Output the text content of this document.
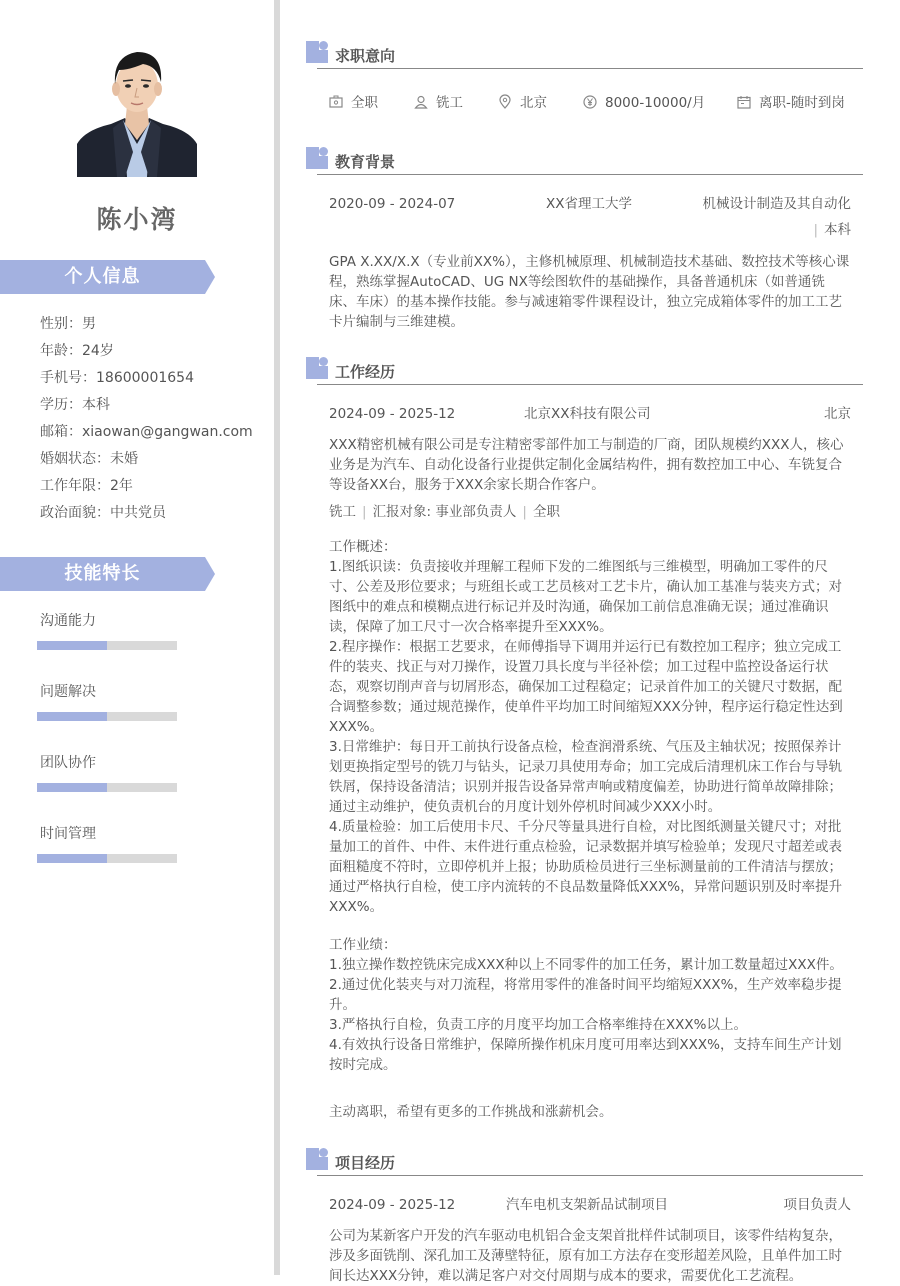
陈小湾
个人信息
性别：男
年龄：24岁
手机号：18600001654
学历：本科
邮箱：xiaowan@gangwan.com
婚姻状态：未婚
工作年限：2年
政治面貌：中共党员
技能特长
沟通能力
问题解决
团队协作
时间管理
求职意向
全职	铣工	北京	8000-10000/月	离职-随时到岗
教育背景
2020-09 - 2024-07	XX省理工大学	机械设计制造及其自动化
| 本科
GPA X.XX/X.X（专业前XX%），主修机械原理、机械制造技术基础、数控技术等核心课程，熟练掌握AutoCAD、UG NX等绘图软件的基础操作，具备普通机床（如普通铣床、车床）的基本操作技能。参与减速箱零件课程设计，独立完成箱体零件的加工工艺卡片编制与三维建模。
工作经历
2024-09 - 2025-12	北京XX科技有限公司	北京
XXX精密机械有限公司是专注精密零部件加工与制造的厂商，团队规模约XXX人，核心业务是为汽车、自动化设备行业提供定制化金属结构件，拥有数控加工中心、车铣复合等设备XX台，服务于XXX余家长期合作客户。
铣工 | 汇报对象: 事业部负责人 | 全职
工作概述：
1.图纸识读：负责接收并理解工程师下发的二维图纸与三维模型，明确加工零件的尺寸、公差及形位要求；与班组长或工艺员核对工艺卡片，确认加工基准与装夹方式；对图纸中的难点和模糊点进行标记并及时沟通，确保加工前信息准确无误；通过准确识读，保障了加工尺寸一次合格率提升至XXX%。
2.程序操作：根据工艺要求，在师傅指导下调用并运行已有数控加工程序；独立完成工件的装夹、找正与对刀操作，设置刀具长度与半径补偿；加工过程中监控设备运行状态，观察切削声音与切屑形态，确保加工过程稳定；记录首件加工的关键尺寸数据，配合调整参数；通过规范操作，使单件平均加工时间缩短XXX分钟，程序运行稳定性达到XXX%。
3.日常维护：每日开工前执行设备点检，检查润滑系统、气压及主轴状况；按照保养计划更换指定型号的铣刀与钻头，记录刀具使用寿命；加工完成后清理机床工作台与导轨铁屑，保持设备清洁；识别并报告设备异常声响或精度偏差，协助进行简单故障排除；通过主动维护，使负责机台的月度计划外停机时间减少XXX小时。
4.质量检验：加工后使用卡尺、千分尺等量具进行自检，对比图纸测量关键尺寸；对批量加工的首件、中件、末件进行重点检验，记录数据并填写检验单；发现尺寸超差或表面粗糙度不符时，立即停机并上报；协助质检员进行三坐标测量前的工件清洁与摆放；通过严格执行自检，使工序内流转的不良品数量降低XXX%，异常问题识别及时率提升XXX%。
工作业绩：
1.独立操作数控铣床完成XXX种以上不同零件的加工任务，累计加工数量超过XXX件。
2.通过优化装夹与对刀流程，将常用零件的准备时间平均缩短XXX%，生产效率稳步提升。
3.严格执行自检，负责工序的月度平均加工合格率维持在XXX%以上。
4.有效执行设备日常维护，保障所操作机床月度可用率达到XXX%，支持车间生产计划按时完成。
主动离职，希望有更多的工作挑战和涨薪机会。
项目经历
2024-09 - 2025-12	汽车电机支架新品试制项目	项目负责人
公司为某新客户开发的汽车驱动电机铝合金支架首批样件试制项目，该零件结构复杂，涉及多面铣削、深孔加工及薄壁特征，原有加工方法存在变形超差风险，且单件加工时间长达XXX分钟，难以满足客户对交付周期与成本的要求，需要优化工艺流程。
